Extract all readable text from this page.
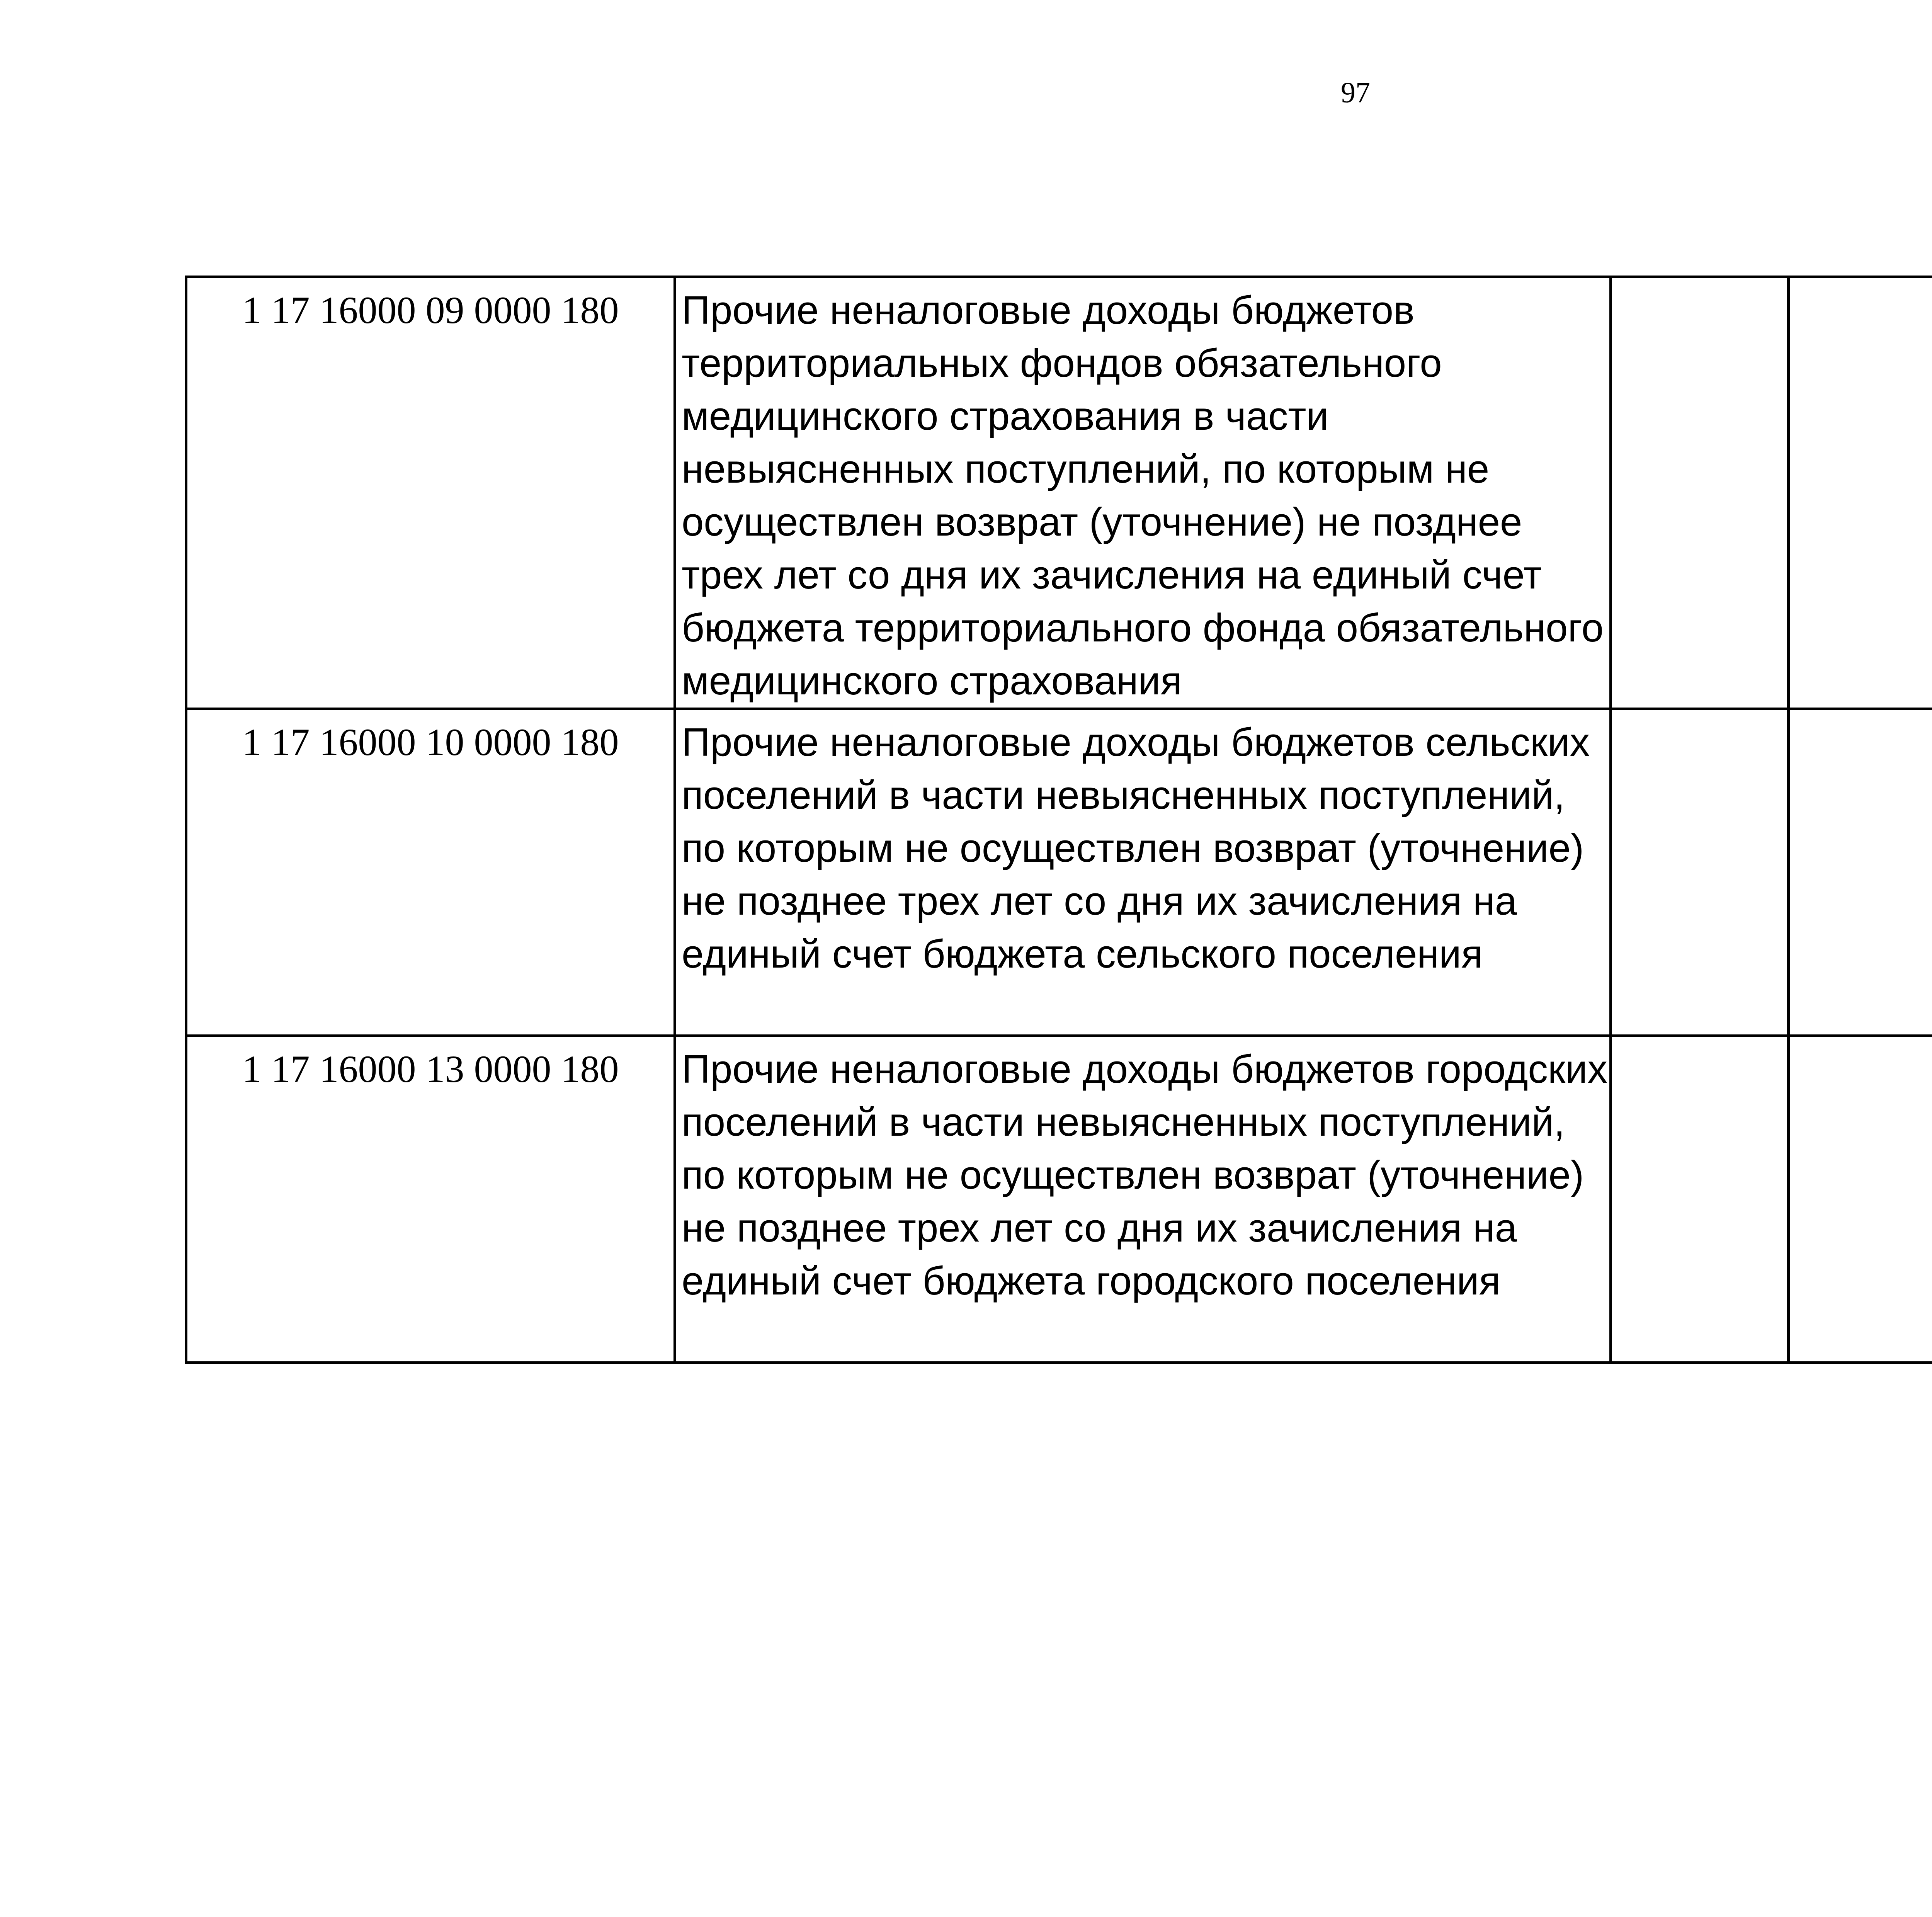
97
1 17 16000 09 0000 180	Прочие неналоговые доходы бюджетов территориальных фондов обязательного медицинского страхования в части невыясненных поступлений, по которым не осуществлен возврат (уточнение) не позднее трех лет со дня их зачисления на единый счет бюджета территориального фонда обязательного медицинского страхования					
1 17 16000 10 0000 180	Прочие неналоговые доходы бюджетов сельских поселений в части невыясненных поступлений, по которым не осуществлен возврат (уточнение) не позднее трех лет со дня их зачисления на единый счет бюджета сельского поселения					
1 17 16000 13 0000 180	Прочие неналоговые доходы бюджетов городских поселений в части невыясненных поступлений, по которым не осуществлен возврат (уточнение) не позднее трех лет со дня их зачисления на единый счет бюджета городского поселения					
